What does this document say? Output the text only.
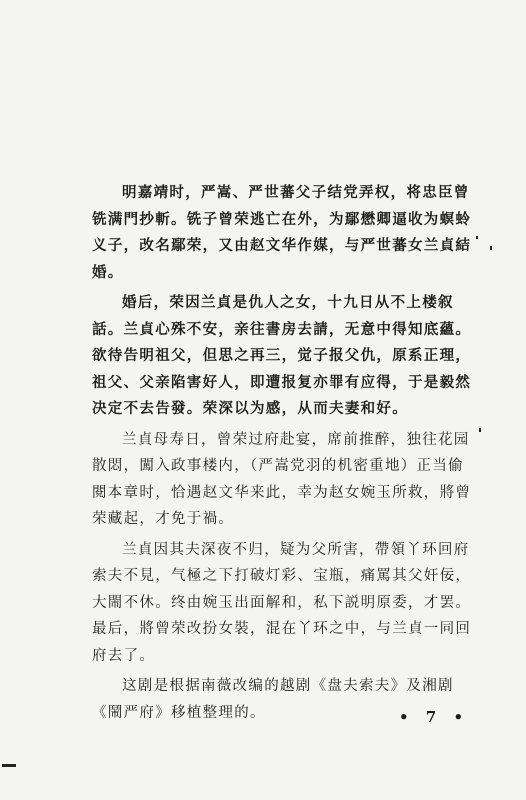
明嘉靖时，严嵩、严世蕃父子结党弄权，将忠臣曾铣满門抄斬。铣子曾荣逃亡在外，为鄢懋卿逼收为螟蛉义子，改名鄢荣，又由赵文华作媒，与严世蕃女兰貞結婚。

婚后，荣因兰貞是仇人之女，十九日从不上楼叙話。兰貞心殊不安，亲往書房去請，无意中得知底蘊。欲待告明祖父，但思之再三，觉子报父仇，原系正理，祖父、父亲陷害好人，即遭报复亦罪有应得，于是毅然决定不去告發。荣深以为感，从而夫妻和好。

兰貞母寿日，曾荣过府赴宴，席前推醉，独往花园散悶，闖入政事楼内，（严嵩党羽的机密重地）正当偷閱本章时，恰遇赵文华来此，幸为赵女婉玉所救，將曾荣藏起，才免于禍。

兰貞因其夫深夜不归，疑为父所害，帶領丫环回府索夫不見，气極之下打破灯彩、宝瓶，痛罵其父奸佞，大閙不休。终由婉玉出面解和，私下説明原委，才罢。最后，將曾荣改扮女裝，混在丫环之中，与兰貞一同回府去了。

这剧是根据南薇改编的越剧《盘夫索夫》及湘剧《鬧严府》移植整理的。	• 7 •
